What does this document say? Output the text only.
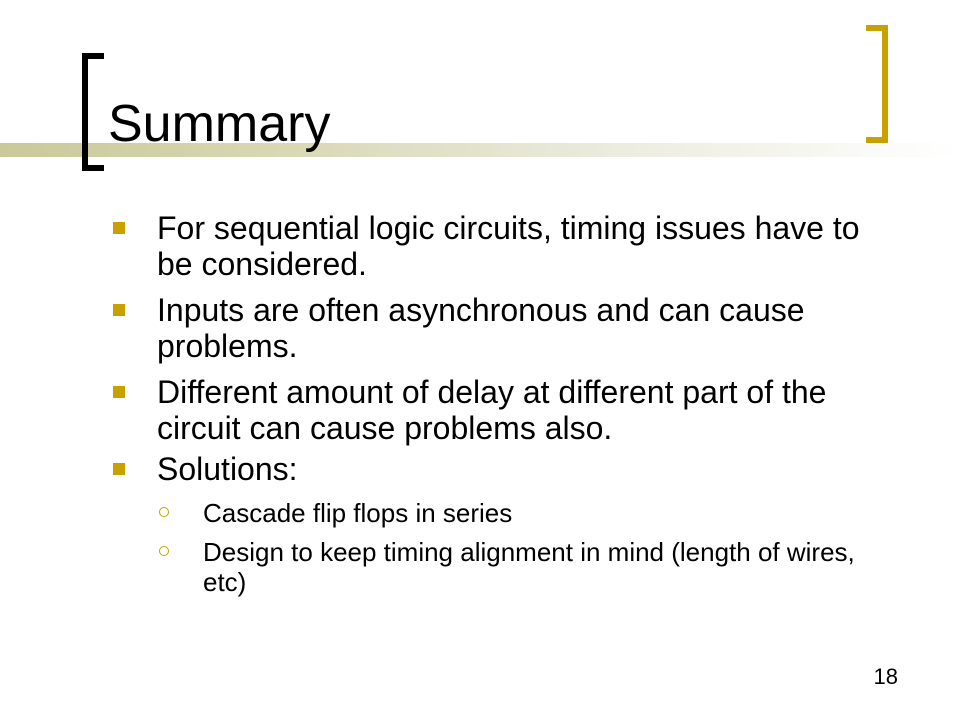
Summary
For sequential logic circuits, timing issues have to be considered.
Inputs are often asynchronous and can cause problems.
Different amount of delay at different part of the circuit can cause problems also.
Solutions:
Cascade flip flops in series
Design to keep timing alignment in mind (length of wires, etc)
18
